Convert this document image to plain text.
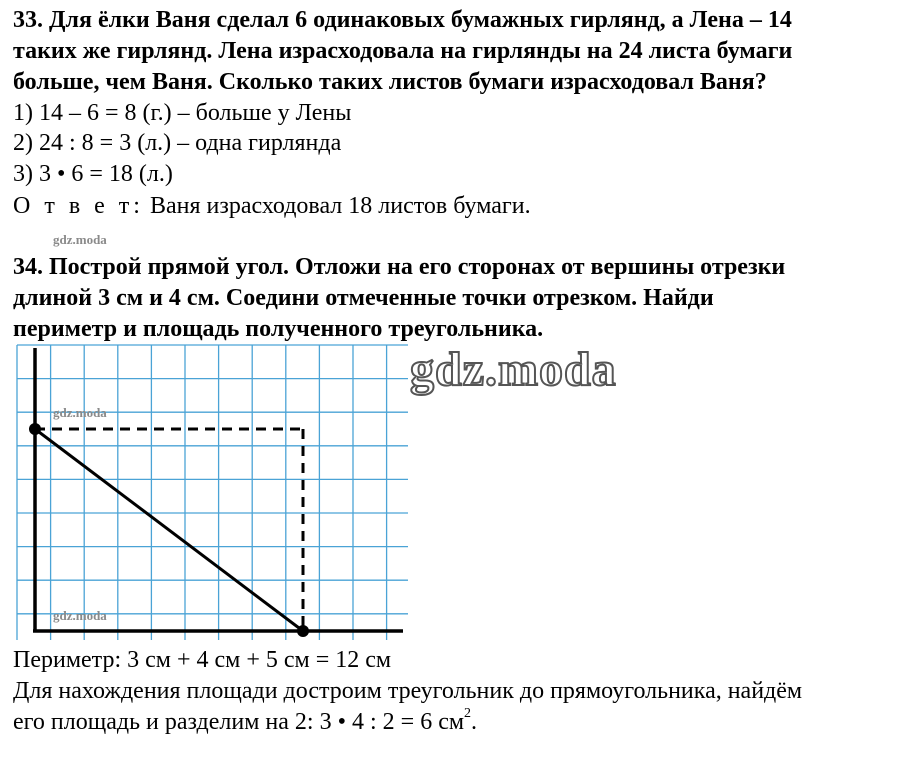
33. Для ёлки Ваня сделал 6 одинаковых бумажных гирлянд, а Лена – 14
таких же гирлянд. Лена израсходовала на гирлянды на 24 листа бумаги
больше, чем Ваня. Сколько таких листов бумаги израсходовал Ваня?
1) 14 – 6 = 8 (г.) – больше у Лены
2) 24 : 8 = 3 (л.) – одна гирлянда
3) 3 • 6 = 18 (л.)
О т в е т: Ваня израсходовал 18 листов бумаги.
gdz.moda
34. Построй прямой угол. Отложи на его сторонах от вершины отрезки
длиной 3 см и 4 см. Соедини отмеченные точки отрезком. Найди
периметр и площадь полученного треугольника.
gdz.moda
gdz.moda
gdz.moda
Периметр: 3 см + 4 см + 5 см = 12 см
Для нахождения площади достроим треугольник до прямоугольника, найдём
его площадь и разделим на 2: 3 • 4 : 2 = 6 $см^2$.
